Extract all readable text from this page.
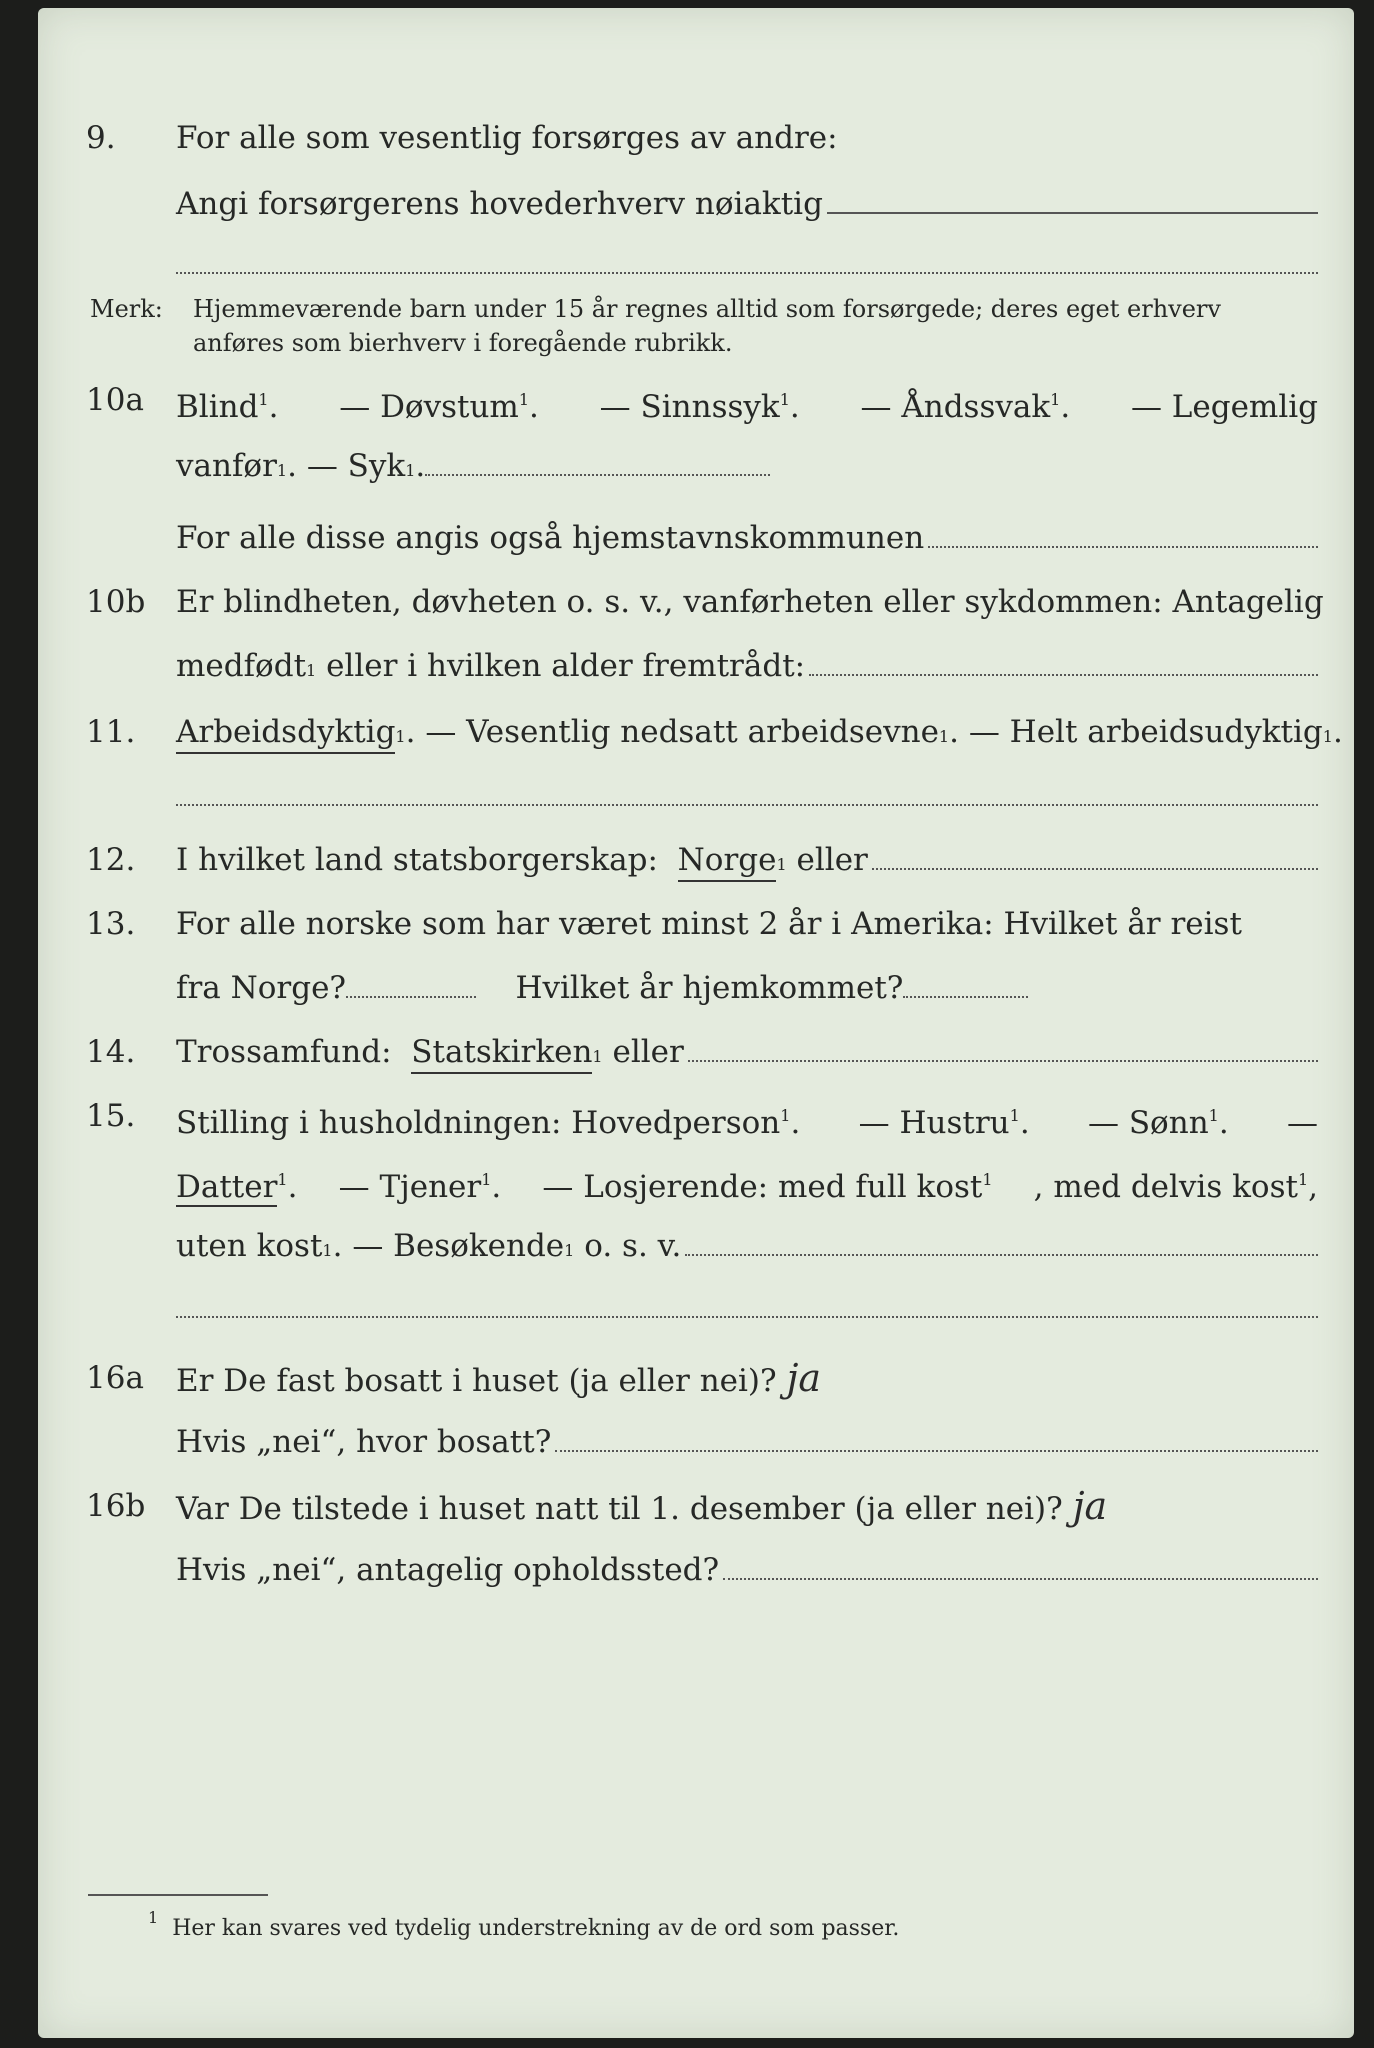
9. For alle som vesentlig forsørges av andre:
Angi forsørgerens hovederhverv nøiaktig
Merk: Hjemmeværende barn under 15 år regnes alltid som forsørgede; deres eget erhverv anføres som bierhverv i foregående rubrikk.
10a Blind$^1$. — Døvstum$^1$. — Sinnssyk$^1$. — Åndssvak$^1$. — Legemlig
vanfør 1 . — Syk 1 .
For alle disse angis også hjemstavnskommunen
10b Er blindheten, døvheten o. s. v., vanførheten eller sykdommen: Antagelig
medfødt 1
eller i hvilken alder fremtrådt:
11. Arbeidsdyktig 1 . — Vesentlig nedsatt arbeidsevne 1 . — Helt arbeidsudyktig 1 .
12. I hvilket land statsborgerskap:
Norge 1
eller
13. For alle norske som har været minst 2 år i Amerika: Hvilket år reist
fra Norge?
	Hvilket år hjemkommet?
14. Trossamfund:
Statskirken 1
eller
15. Stilling i husholdningen: Hovedperson$^1$. — Hustru$^1$. — Sønn$^1$. —
Datter$^1$. — Tjener$^1$. — Losjerende: med full kost$^1$ , med delvis kost$^1$,
uten kost 1 . — Besøkende 1
o. s. v.
16a Er De fast bosatt i huset (ja eller nei)? ja
Hvis „nei“, hvor bosatt?
16b Var De tilstede i huset natt til 1. desember (ja eller nei)? ja
Hvis „nei“, antagelig opholdssted?
$^1$ Her kan svares ved tydelig understrekning av de ord som passer.
